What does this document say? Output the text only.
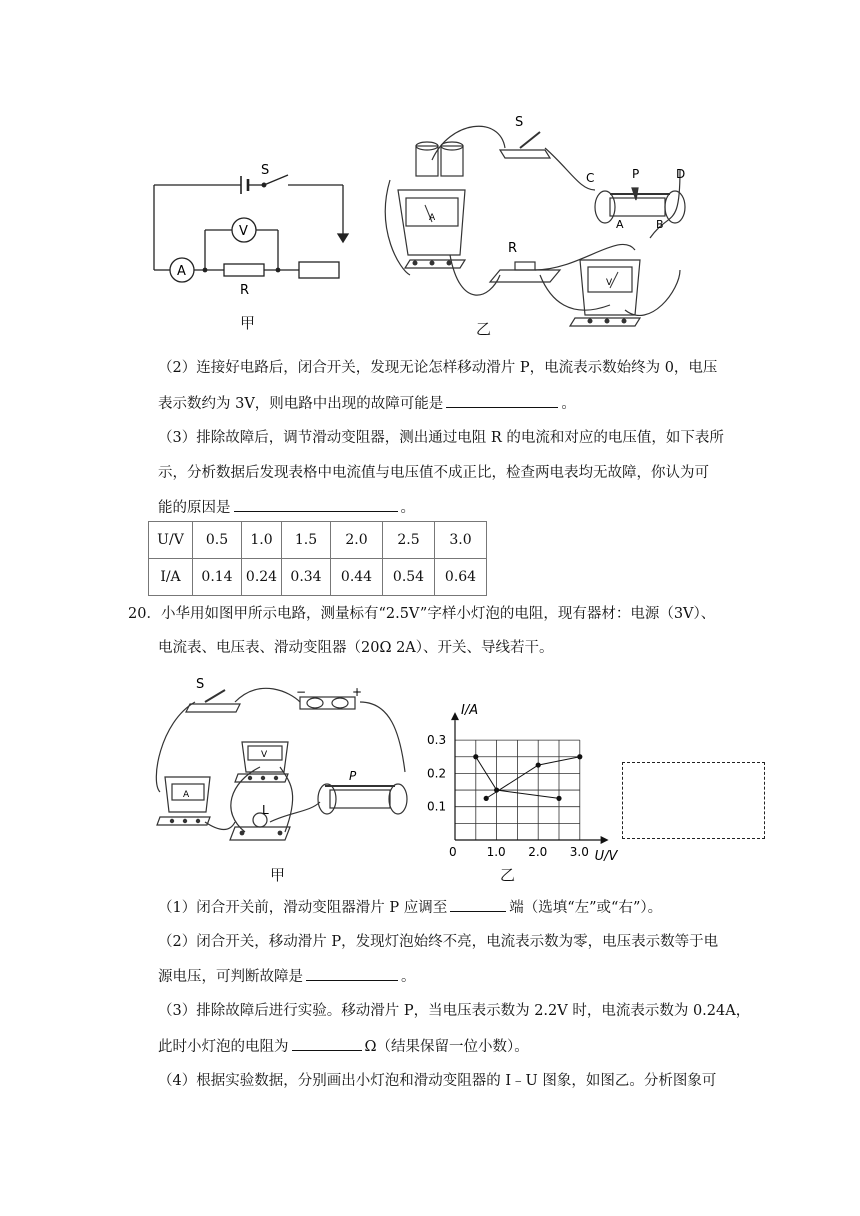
S
A
V
R
甲
A
V
S
R
C	P	D
A	B
乙
（2）连接好电路后，闭合开关，发现无论怎样移动滑片 P，电流表示数始终为 0，电压
表示数约为 3V，则电路中出现的故障可能是	。
（3）排除故障后，调节滑动变阻器，测出通过电阻 R 的电流和对应的电压值，如下表所
示，分析数据后发现表格中电流值与电压值不成正比，检查两电表均无故障，你认为可
能的原因是	。
U/V	0.5	1.0	1.5	2.0	2.5	3.0
I/A	0.14	0.24	0.34	0.44	0.54	0.64
20．小华用如图甲所示电路，测量标有“2.5V”字样小灯泡的电阻，现有器材：电源（3V）、
电流表、电压表、滑动变阻器（20Ω 2A）、开关、导线若干。
A
V
S
L
P
−	+
甲
1.0 2.0 3.0
0.1
0.2
0.3
0
I/A
U/V
乙
（1）闭合开关前，滑动变阻器滑片 P 应调至	端（选填“左”或“右”）。
（2）闭合开关，移动滑片 P，发现灯泡始终不亮，电流表示数为零，电压表示数等于电
源电压，可判断故障是	。
（3）排除故障后进行实验。移动滑片 P，当电压表示数为 2.2V 时，电流表示数为 0.24A，
此时小灯泡的电阻为	Ω（结果保留一位小数）。
（4）根据实验数据，分别画出小灯泡和滑动变阻器的 I﹣U 图象，如图乙。分析图象可
